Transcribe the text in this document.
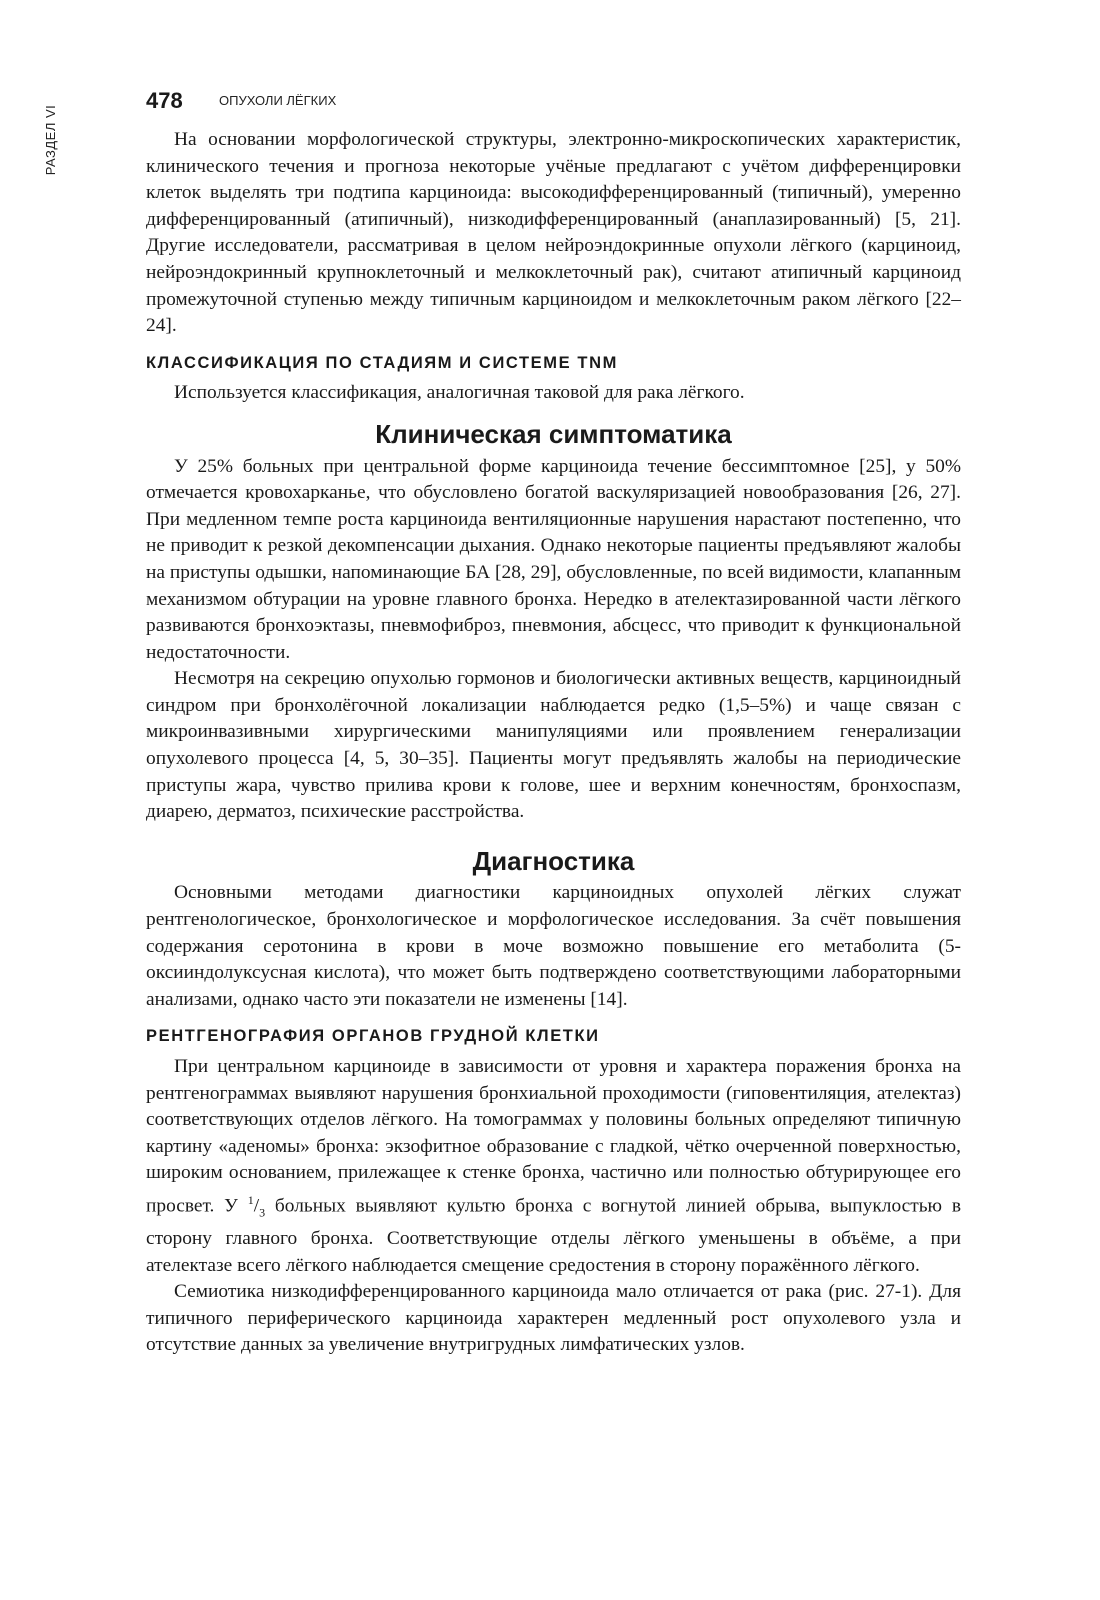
РАЗДЕЛ VI
478	ОПУХОЛИ ЛЁГКИХ

На основании морфологической структуры, электронно-микроскопических характеристик, клинического течения и прогноза некоторые учёные предлагают с учётом дифференцировки клеток выделять три подтипа карциноида: высокодифференцированный (типичный), умеренно дифференцированный (атипичный), низкодифференцированный (анаплазированный) [5, 21]. Другие исследователи, рассматривая в целом нейроэндокринные опухоли лёгкого (карциноид, нейроэндокринный крупноклеточный и мелкоклеточный рак), считают атипичный карциноид промежуточной ступенью между типичным карциноидом и мелкоклеточным раком лёгкого [22–24].

КЛАССИФИКАЦИЯ ПО СТАДИЯМ И СИСТЕМЕ TNM

Используется классификация, аналогичная таковой для рака лёгкого.

Клиническая симптоматика

У 25% больных при центральной форме карциноида течение бессимптомное [25], у 50% отмечается кровохарканье, что обусловлено богатой васкуляризацией новообразования [26, 27]. При медленном темпе роста карциноида вентиляционные нарушения нарастают постепенно, что не приводит к резкой декомпенсации дыхания. Однако некоторые пациенты предъявляют жалобы на приступы одышки, напоминающие БА [28, 29], обусловленные, по всей видимости, клапанным механизмом обтурации на уровне главного бронха. Нередко в ателектазированной части лёгкого развиваются бронхоэктазы, пневмофиброз, пневмония, абсцесс, что приводит к функциональной недостаточности.

Несмотря на секрецию опухолью гормонов и биологически активных веществ, карциноидный синдром при бронхолёгочной локализации наблюдается редко (1,5–5%) и чаще связан с микроинвазивными хирургическими манипуляциями или проявлением генерализации опухолевого процесса [4, 5, 30–35]. Пациенты могут предъявлять жалобы на периодические приступы жара, чувство прилива крови к голове, шее и верхним конечностям, бронхоспазм, диарею, дерматоз, психические расстройства.

Диагностика

Основными методами диагностики карциноидных опухолей лёгких служат рентгенологическое, бронхологическое и морфологическое исследования. За счёт повышения содержания серотонина в крови в моче возможно повышение его метаболита (5-оксииндолуксусная кислота), что может быть подтверждено соответствующими лабораторными анализами, однако часто эти показатели не изменены [14].

РЕНТГЕНОГРАФИЯ ОРГАНОВ ГРУДНОЙ КЛЕТКИ

При центральном карциноиде в зависимости от уровня и характера поражения бронха на рентгенограммах выявляют нарушения бронхиальной проходимости (гиповентиляция, ателектаз) соответствующих отделов лёгкого. На томограммах у половины больных определяют типичную картину «аденомы» бронха: экзофитное образование с гладкой, чётко очерченной поверхностью, широким основанием, прилежащее к стенке бронха, частично или полностью обтурирующее его просвет. У $^1/_3$ больных выявляют культю бронха с вогнутой линией обрыва, выпуклостью в сторону главного бронха. Соответствующие отделы лёгкого уменьшены в объёме, а при ателектазе всего лёгкого наблюдается смещение средостения в сторону поражённого лёгкого.

Семиотика низкодифференцированного карциноида мало отличается от рака (рис. 27-1). Для типичного периферического карциноида характерен медленный рост опухолевого узла и отсутствие данных за увеличение внутригрудных лимфатических узлов.
